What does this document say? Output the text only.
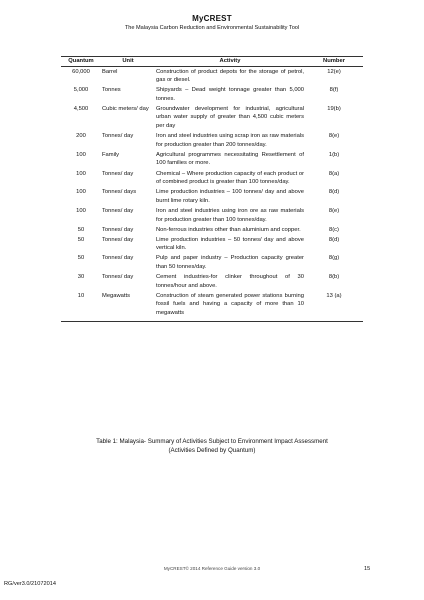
MyCREST
The Malaysia Carbon Reduction and Environmental Sustainability Tool
Quantum	Unit	Activity	Number
60,000	Barrel	Construction of product depots for the storage of petrol, gas or diesel.	12(e)
5,000	Tonnes	Shipyards – Dead weight tonnage greater than 5,000 tonnes.	8(f)
4,500	Cubic meters/ day	Groundwater development for industrial, agricultural urban water supply of greater than 4,500 cubic meters per day	19(b)
200	Tonnes/ day	Iron and steel industries using scrap iron as raw materials for production greater than 200 tonnes/day.	8(e)
100	Family	Agricultural programmes necessitating Resettlement of 100 families or more.	1(b)
100	Tonnes/ day	Chemical – Where production capacity of each product or of combined product is greater than 100 tonnes/day.	8(a)
100	Tonnes/ days	Lime production industries – 100 tonnes/ day and above burnt lime rotary kiln.	8(d)
100	Tonnes/ day	Iron and steel industries using iron ore as raw materials for production greater than 100 tonnes/day.	8(e)
50	Tonnes/ day	Non-ferrous industries other than aluminium and copper.	8(c)
50	Tonnes/ day	Lime production industries – 50 tonnes/ day and above vertical kiln.	8(d)
50	Tonnes/ day	Pulp and paper industry – Production capacity greater than 50 tonnes/day.	8(g)
30	Tonnes/ day	Cement industries-for clinker throughout of 30 tonnes/hour and above.	8(b)
10	Megawatts	Construction of steam generated power stations burning fossil fuels and having a capacity of more than 10 megawatts	13 (a)
Table 1: Malaysia- Summary of Activities Subject to Environment Impact Assessment
(Activities Defined by Quantum)
MyCREST© 2014 Reference Guide version 3.0	15
RG/ver3.0/21072014
